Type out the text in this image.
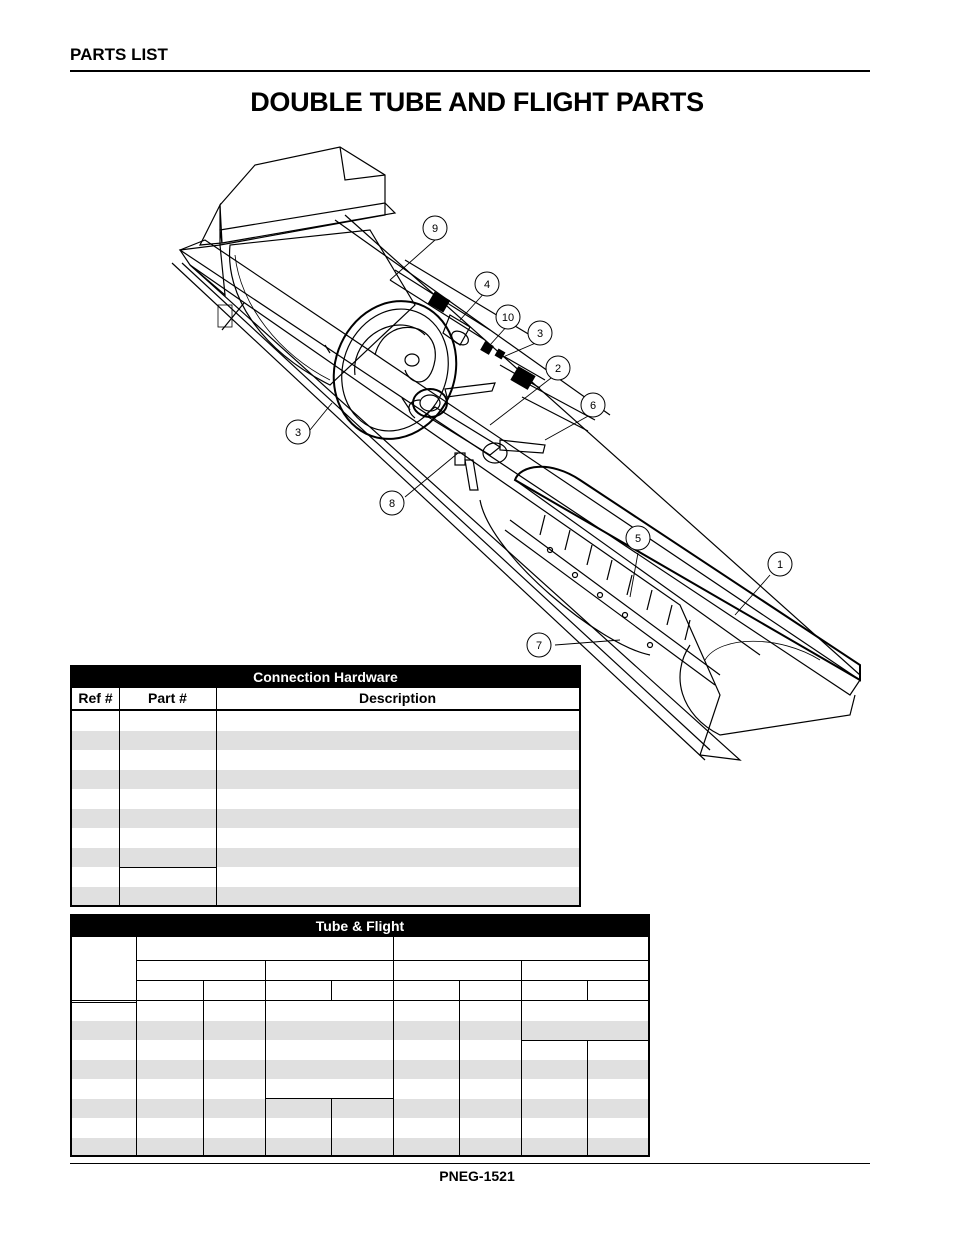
PARTS LIST
DOUBLE TUBE AND FLIGHT PARTS
9
4
10
3
2
6
3
8
5
1
7
Connection Hardware
Ref #	Part #	Description
Tube & Flight
PNEG-1521
